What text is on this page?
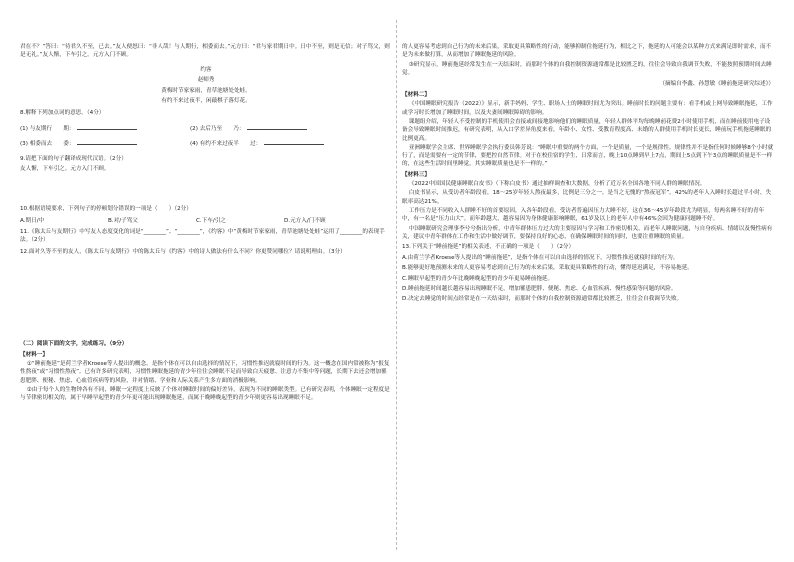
君在不？”答曰：“待君久不至，已去。”友人便怒曰：“非人哉！与人期行，相委而去。”元方曰：“君与家君期日中。日中不至，则是无信；对子骂父，则是无礼。”友人惭，下车引之。元方入门不顾。

约客

赵师秀

黄梅时节家家雨，青草池塘处处蛙。

有约不来过夜半，闲敲棋子落灯花。

8.解释下列加点词的意思。（4分）

(1) 与友期行　　期：	(2) 去后乃至　　乃：
(3) 相委而去　　委：	(4) 有约不来过夜半　　过：

9.请把下面的句子翻译成现代汉语。（2分）

友人惭，下车引之。元方入门不顾。

10.根据语境要求，下列句子的停顿划分错误的一项是（　　）（2分）

A.期日/中	B.对/子骂父	C.下车/引之	D.元方入/门不顾

11.《陈太丘与友期行》中写友人态度变化的词是“________”、“________”，《约客》中“黄梅时节家家雨，青草池塘处处蛙”运用了________的表现手法。（2分）

12.面对久等不至的友人，《陈太丘与友期行》中的陈太丘与《约客》中的诗人做法有什么不同？你更赞同哪位？请说明理由。（3分）

（二）阅读下面的文字，完成练习。（9分）

【材料一】

①“睡前拖延”是荷兰学者Kroese等人提出的概念，是指个体在可以自由选择的情况下，习惯性推迟就寝时间的行为。这一概念在国内常被称为“报复性熬夜”或“习惯性熬夜”。已有许多研究表明，习惯性睡眠拖延的青少年往往会睡眠不足而导致白天疲惫、注意力不集中等问题，长期下去还会增加罹患肥胖、便秘、焦虑、心血管疾病等的风险，并对情绪、学业和人际关系产生多方面的消极影响。

②由于每个人的生物钟各有不同，睡眠一定程度上反映了个体对睡眠时间的偏好差异，表现为不同的睡眠类型。已有研究表明，个体睡眠一定程度是与节律密切相关的，属于早睡早起型的青少年更可能出现睡眠拖延，而属于晚睡晚起型的青少年则更容易出现睡眠不足。

的人更容易考虑到自己行为的未来后果，采取更具策略性的行动，能够抑制住拖延行为，相比之下，拖延的人可能会以某种方式来满足即时需求，而不是为未来做打算，从而增加了睡眠拖延的风险。

③研究显示，睡前拖延经常发生在一天结束时，而那时个体的自我控制资源通常都是比较匮乏的，往往会导致自我调节失败，不能按照预期时间去睡觉。

（摘编自李鑫、孙慧敏《睡前拖延研究综述》）

【材料二】

《中国睡眠研究报告（2022）》显示，新手妈妈、学生、职场人士的睡眠时间尤为突出。睡前时长的问题主要有：看手机或上网导致睡眠拖延，工作或学习时长增加了睡眠时间，以及夫妻间睡眠障碍的影响。

课题组介绍，年轻人不受控制的手机使用会直接或间接地影响他们的睡眠质量，年轻人群体平均每晚睡前花费2小时使用手机，而在睡前使用电子设备会导致睡眠时间推迟，有研究表明，从入口学差异角度来看，年龄小、女性、受教育程度高、未婚的人群使用手机时长更长，睡前玩手机拖延睡眠的比例更高。

亚洲睡眠学会主席、世界睡眠学会执行委员韩芳说：“睡眠中重要的两个方面，一个是质量，一个是规律性。规律性并不是指任何时候睡够8个小时就行了，而是需要有一定的节律，要把控自然节律。对于在校住宿的学生，日常而言，晚上10点睡到早上7点，期间上5点到下午3点的睡眠质量是不一样的，在这些生活时间里睡觉，其实睡眠质量也是不一样的。”

【材料三】

《2022中国国民健康睡眠白皮书》（下称白皮书）通过抽样调查和大数据，分析了近万名全国各地不同人群的睡眠情况。

白皮书显示，从受访者年龄段看，18～25岁年轻人熬夜最多，比例是三分之一，是当之无愧的“熬夜冠军”。42%的老年人入睡时长超过半小时，失眠率高达21%。

工作压力是不同收入人群睡不好的首要原因，入各年龄段看，受访者普遍因压力大睡不好，这在36～45岁年龄段尤为明显，每两名睡不好的青年中，有一名是“压力山大”。而年龄越大，越容易因为身体健康影响睡眠，61岁及以上的老年人中有46%会因为健康问题睡不好。

中国睡眠研究会理事李兮兮指出分析，中青年群体压力过大的主要原因与学习和工作密切相关，而老年人睡眠问题，与自身疾病、情绪以及慢性病有关，建议中青年群体在工作和生活中做好调节，要保持良好的心态，在确保睡眠时间的同时，也要注重睡眠的质量。

13.下列关于“睡前拖延”的相关表述，不正确的一项是（　　）（2分）

A.由荷兰学者Kroese等人提出的“睡前拖延”，是指个体在可以自由选择的情况下，习惯性推迟就寝时间的行为。

B.能够更好地预测未来的人更容易考虑到自己行为的未来后果，采取更具策略性的行动，懂得延迟满足，不容易拖延。

C.睡眠早起型的青少年比晚睡晚起型的青少年更易睡前拖延。

D.睡前拖延时间越长越容易出现睡眠不足，增加罹患肥胖、便秘、焦虑、心血管疾病、慢性感染等问题的风险。

D.决定去睡觉的时间点经常是在一天结束时，而那时个体的自我控制资源通常都比较匮乏，往往会自我调节失败。
